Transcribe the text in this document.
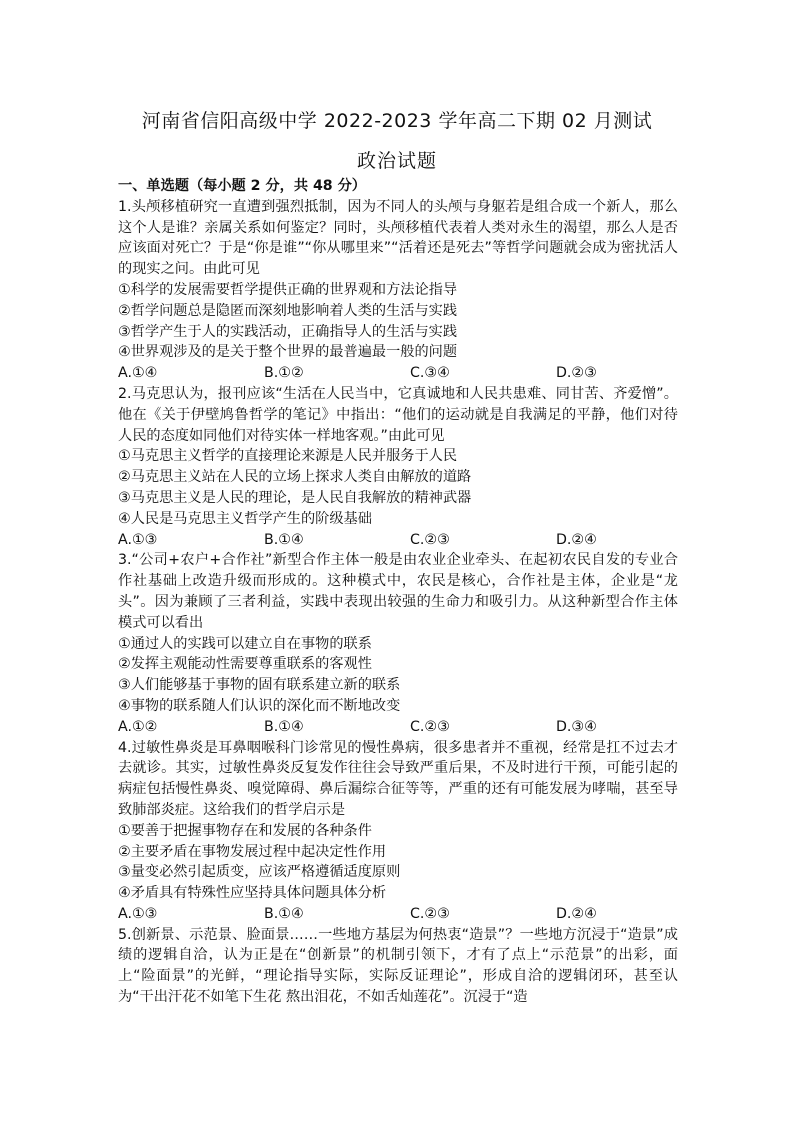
河南省信阳高级中学 2022-2023 学年高二下期 02 月测试
政治试题
一、单选题（每小题 2 分，共 48 分）
1.头颅移植研究一直遭到强烈抵制，因为不同人的头颅与身躯若是组合成一个新人，那么这个人是谁？亲属关系如何鉴定？同时，头颅移植代表着人类对永生的渴望，那么人是否应该面对死亡？于是“你是谁”“你从哪里来”“活着还是死去”等哲学问题就会成为密扰活人的现实之问。由此可见
①科学的发展需要哲学提供正确的世界观和方法论指导
②哲学问题总是隐匿而深刻地影响着人类的生活与实践
③哲学产生于人的实践活动，正确指导人的生活与实践
④世界观涉及的是关于整个世界的最普遍最一般的问题
A.①④	B.①②	C.③④	D.②③
2.马克思认为，报刊应该“生活在人民当中，它真诚地和人民共患难、同甘苦、齐爱憎”。他在《关于伊壁鸠鲁哲学的笔记》中指出：“他们的运动就是自我满足的平静，他们对待人民的态度如同他们对待实体一样地客观。”由此可见
①马克思主义哲学的直接理论来源是人民并服务于人民
②马克思主义站在人民的立场上探求人类自由解放的道路
③马克思主义是人民的理论，是人民自我解放的精神武器
④人民是马克思主义哲学产生的阶级基础
A.①③	B.①④	C.②③	D.②④
3.“公司+农户+合作社”新型合作主体一般是由农业企业牵头、在起初农民自发的专业合作社基础上改造升级而形成的。这种模式中，农民是核心，合作社是主体，企业是“龙头”。因为兼顾了三者利益，实践中表现出较强的生命力和吸引力。从这种新型合作主体模式可以看出
①通过人的实践可以建立自在事物的联系
②发挥主观能动性需要尊重联系的客观性
③人们能够基于事物的固有联系建立新的联系
④事物的联系随人们认识的深化而不断地改变
A.①②	B.①④	C.②③	D.③④
4.过敏性鼻炎是耳鼻咽喉科门诊常见的慢性鼻病，很多患者并不重视，经常是扛不过去才去就诊。其实，过敏性鼻炎反复发作往往会导致严重后果，不及时进行干预，可能引起的病症包括慢性鼻炎、嗅觉障碍、鼻后漏综合征等等，严重的还有可能发展为哮喘，甚至导致肺部炎症。这给我们的哲学启示是
①要善于把握事物存在和发展的各种条件
②主要矛盾在事物发展过程中起决定性作用
③量变必然引起质变，应该严格遵循适度原则
④矛盾具有特殊性应坚持具体问题具体分析
A.①③	B.①④	C.②③	D.②④
5.创新景、示范景、脸面景……一些地方基层为何热衷“造景”？一些地方沉浸于“造景”成绩的逻辑自洽，认为正是在“创新景”的机制引领下，才有了点上“示范景”的出彩，面上“险面景”的光鲜，“理论指导实际，实际反证理论”，形成自洽的逻辑闭环，甚至认为“干出汗花不如笔下生花 熬出泪花，不如舌灿莲花”。沉浸于“造
